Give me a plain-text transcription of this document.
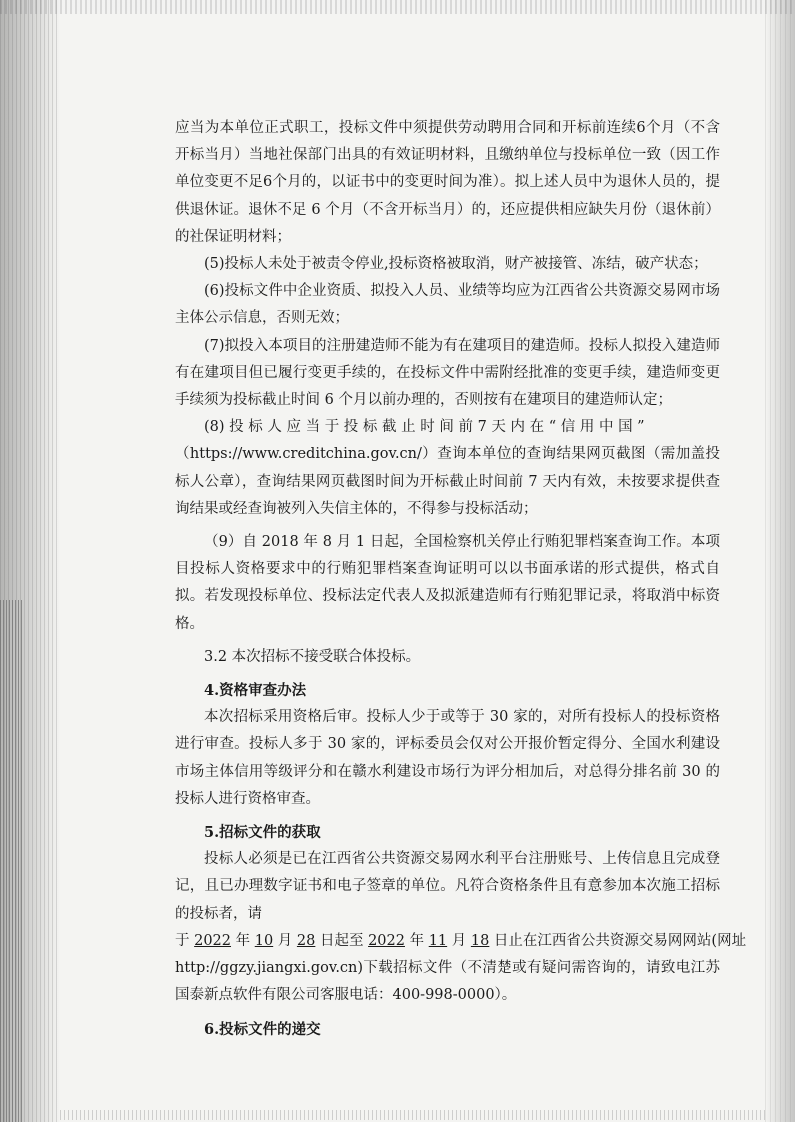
应当为本单位正式职工，投标文件中须提供劳动聘用合同和开标前连续6个月（不含开标当月）当地社保部门出具的有效证明材料，且缴纳单位与投标单位一致（因工作单位变更不足6个月的，以证书中的变更时间为准）。拟上述人员中为退休人员的，提供退休证。退休不足 6 个月（不含开标当月）的，还应提供相应缺失月份（退休前）的社保证明材料；

(5)投标人未处于被责令停业,投标资格被取消，财产被接管、冻结，破产状态；

(6)投标文件中企业资质、拟投入人员、业绩等均应为江西省公共资源交易网市场主体公示信息，否则无效；

(7)拟投入本项目的注册建造师不能为有在建项目的建造师。投标人拟投入建造师有在建项目但已履行变更手续的，在投标文件中需附经批准的变更手续，建造师变更手续须为投标截止时间 6 个月以前办理的，否则按有在建项目的建造师认定；

(8) 投 标 人 应 当 于 投 标 截 止 时 间 前 7 天 内 在 “ 信 用 中 国 ”

（https://www.creditchina.gov.cn/）查询本单位的查询结果网页截图（需加盖投标人公章），查询结果网页截图时间为开标截止时间前 7 天内有效，未按要求提供查询结果或经查询被列入失信主体的，不得参与投标活动；

（9）自 2018 年 8 月 1 日起，全国检察机关停止行贿犯罪档案查询工作。本项目投标人资格要求中的行贿犯罪档案查询证明可以以书面承诺的形式提供，格式自拟。若发现投标单位、投标法定代表人及拟派建造师有行贿犯罪记录，将取消中标资格。

3.2 本次招标不接受联合体投标。

4.资格审查办法

本次招标采用资格后审。投标人少于或等于 30 家的，对所有投标人的投标资格进行审查。投标人多于 30 家的，评标委员会仅对公开报价暂定得分、全国水利建设市场主体信用等级评分和在赣水利建设市场行为评分相加后，对总得分排名前 30 的投标人进行资格审查。

5.招标文件的获取

投标人必须是已在江西省公共资源交易网水利平台注册账号、上传信息且完成登记，且已办理数字证书和电子签章的单位。凡符合资格条件且有意参加本次施工招标的投标者，请

于 2022 年 10 月 28 日起至 2022 年 11 月 18 日止在江西省公共资源交易网网站(网址

http://ggzy.jiangxi.gov.cn)下载招标文件（不清楚或有疑问需咨询的，请致电江苏国泰新点软件有限公司客服电话：400-998-0000）。

6.投标文件的递交
